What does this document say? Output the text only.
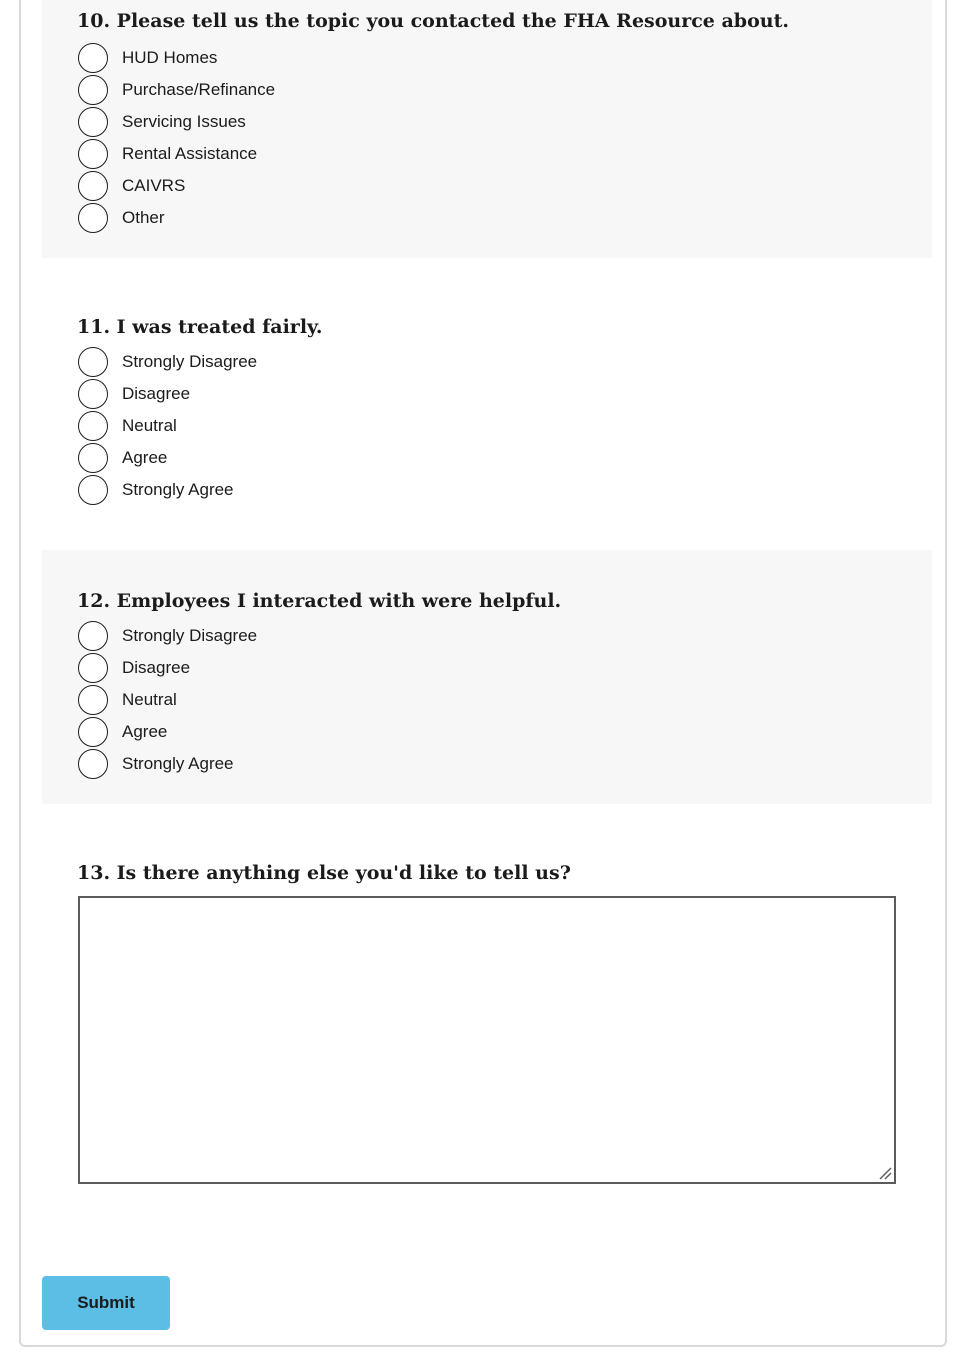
10. Please tell us the topic you contacted the FHA Resource about.
HUD Homes
Purchase/Refinance
Servicing Issues
Rental Assistance
CAIVRS
Other
11. I was treated fairly.
Strongly Disagree
Disagree
Neutral
Agree
Strongly Agree
12. Employees I interacted with were helpful.
Strongly Disagree
Disagree
Neutral
Agree
Strongly Agree
13. Is there anything else you'd like to tell us?
Submit
